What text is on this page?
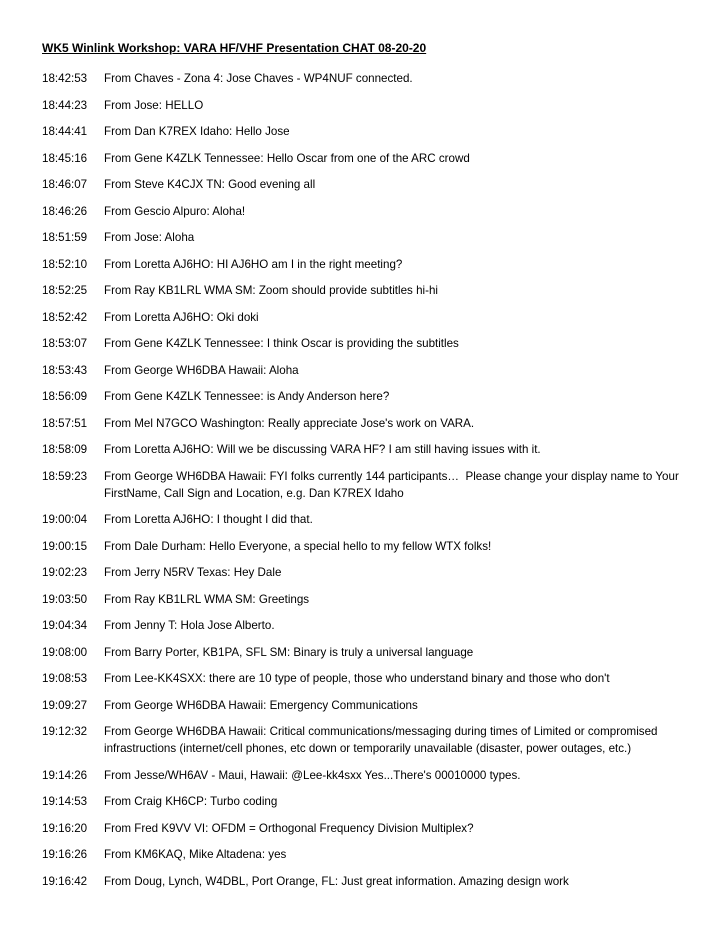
WK5 Winlink Workshop: VARA HF/VHF Presentation CHAT 08-20-20
18:42:53	From Chaves - Zona 4: Jose Chaves - WP4NUF connected.
18:44:23	From Jose: HELLO
18:44:41	From Dan K7REX Idaho: Hello Jose
18:45:16	From Gene K4ZLK Tennessee: Hello Oscar from one of the ARC crowd
18:46:07	From Steve K4CJX TN: Good evening all
18:46:26	From Gescio Alpuro: Aloha!
18:51:59	From Jose: Aloha
18:52:10	From Loretta AJ6HO: HI AJ6HO am I in the right meeting?
18:52:25	From Ray KB1LRL WMA SM: Zoom should provide subtitles hi-hi
18:52:42	From Loretta AJ6HO: Oki doki
18:53:07	From Gene K4ZLK Tennessee: I think Oscar is providing the subtitles
18:53:43	From George WH6DBA Hawaii: Aloha
18:56:09	From Gene K4ZLK Tennessee: is Andy Anderson here?
18:57:51	From Mel N7GCO Washington: Really appreciate Jose's work on VARA.
18:58:09	From Loretta AJ6HO: Will we be discussing VARA HF? I am still having issues with it.
18:59:23	From George WH6DBA Hawaii: FYI folks currently 144 participants…  Please change your display name to Your FirstName, Call Sign and Location, e.g. Dan K7REX Idaho
19:00:04	From Loretta AJ6HO: I thought I did that.
19:00:15	From Dale Durham: Hello Everyone, a special hello to my fellow WTX folks!
19:02:23	From Jerry N5RV Texas: Hey Dale
19:03:50	From Ray KB1LRL WMA SM: Greetings
19:04:34	From Jenny T: Hola Jose Alberto.
19:08:00	From Barry Porter, KB1PA, SFL SM: Binary is truly a universal language
19:08:53	From Lee-KK4SXX: there are 10 type of people, those who understand binary and those who don't
19:09:27	From George WH6DBA Hawaii: Emergency Communications
19:12:32	From George WH6DBA Hawaii: Critical communications/messaging during times of Limited or compromised infrastructions (internet/cell phones, etc down or temporarily unavailable (disaster, power outages, etc.)
19:14:26	From Jesse/WH6AV - Maui, Hawaii: @Lee-kk4sxx Yes...There's 00010000 types.
19:14:53	From Craig KH6CP: Turbo coding
19:16:20	From Fred K9VV VI: OFDM = Orthogonal Frequency Division Multiplex?
19:16:26	From KM6KAQ, Mike Altadena: yes
19:16:42	From Doug, Lynch, W4DBL, Port Orange, FL: Just great information. Amazing design work
